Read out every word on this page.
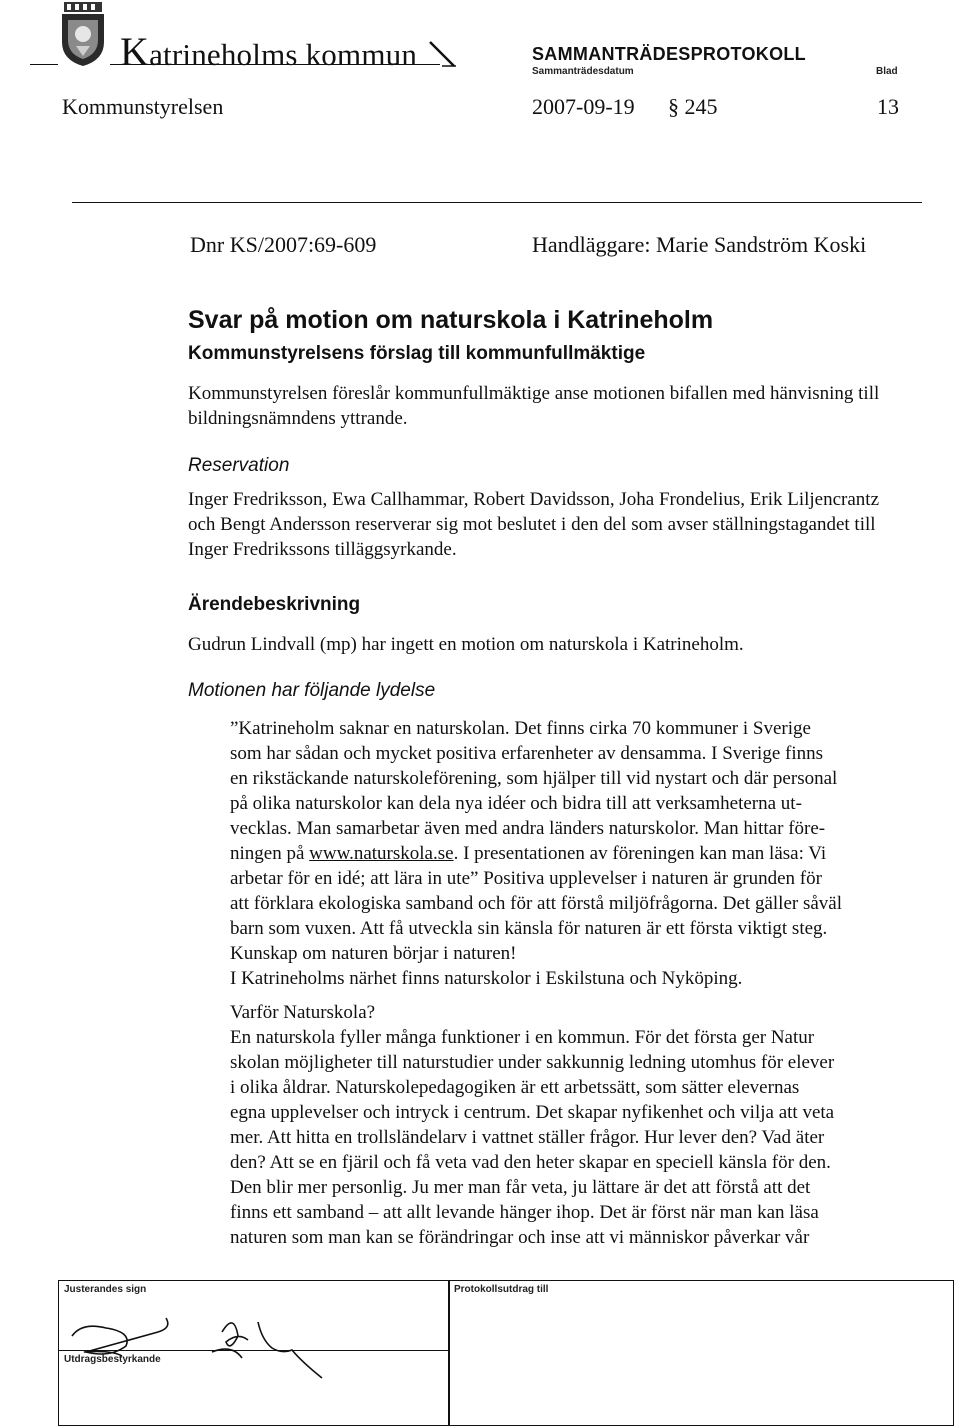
Katrineholms kommun	SAMMANTRÄDESPROTOKOLL
Sammanträdesdatum	Blad
Kommunstyrelsen	2007-09-19 § 245	13
Dnr KS/2007:69-609	Handläggare: Marie Sandström Koski
Svar på motion om naturskola i Katrineholm
Kommunstyrelsens förslag till kommunfullmäktige
Kommunstyrelsen föreslår kommunfullmäktige anse motionen bifallen med hänvisning till bildningsnämndens yttrande.
Reservation
Inger Fredriksson, Ewa Callhammar, Robert Davidsson, Joha Frondelius, Erik Liljencrantz och Bengt Andersson reserverar sig mot beslutet i den del som avser ställningstagandet till Inger Fredrikssons tilläggsyrkande.
Ärendebeskrivning
Gudrun Lindvall (mp) har ingett en motion om naturskola i Katrineholm.
Motionen har följande lydelse
”Katrineholm saknar en naturskolan. Det finns cirka 70 kommuner i Sverige
som har sådan och mycket positiva erfarenheter av densamma. I Sverige finns
en rikstäckande naturskoleförening, som hjälper till vid nystart och där personal
på olika naturskolor kan dela nya idéer och bidra till att verksamheterna ut-
vecklas. Man samarbetar även med andra länders naturskolor. Man hittar före-
ningen på www.naturskola.se. I presentationen av föreningen kan man läsa: Vi
arbetar för en idé; att lära in ute” Positiva upplevelser i naturen är grunden för
att förklara ekologiska samband och för att förstå miljöfrågorna. Det gäller såväl
barn som vuxen. Att få utveckla sin känsla för naturen är ett första viktigt steg.
Kunskap om naturen börjar i naturen!
I Katrineholms närhet finns naturskolor i Eskilstuna och Nyköping.
Varför Naturskola?
En naturskola fyller många funktioner i en kommun. För det första ger Natur
skolan möjligheter till naturstudier under sakkunnig ledning utomhus för elever
i olika åldrar. Naturskolepedagogiken är ett arbetssätt, som sätter elevernas
egna upplevelser och intryck i centrum. Det skapar nyfikenhet och vilja att veta
mer. Att hitta en trollsländelarv i vattnet ställer frågor. Hur lever den? Vad äter
den? Att se en fjäril och få veta vad den heter skapar en speciell känsla för den.
Den blir mer personlig. Ju mer man får veta, ju lättare är det att förstå att det
finns ett samband – att allt levande hänger ihop. Det är först när man kan läsa
naturen som man kan se förändringar och inse att vi människor påverkar vår
Justerandes sign
Utdragsbestyrkande
Protokollsutdrag till
